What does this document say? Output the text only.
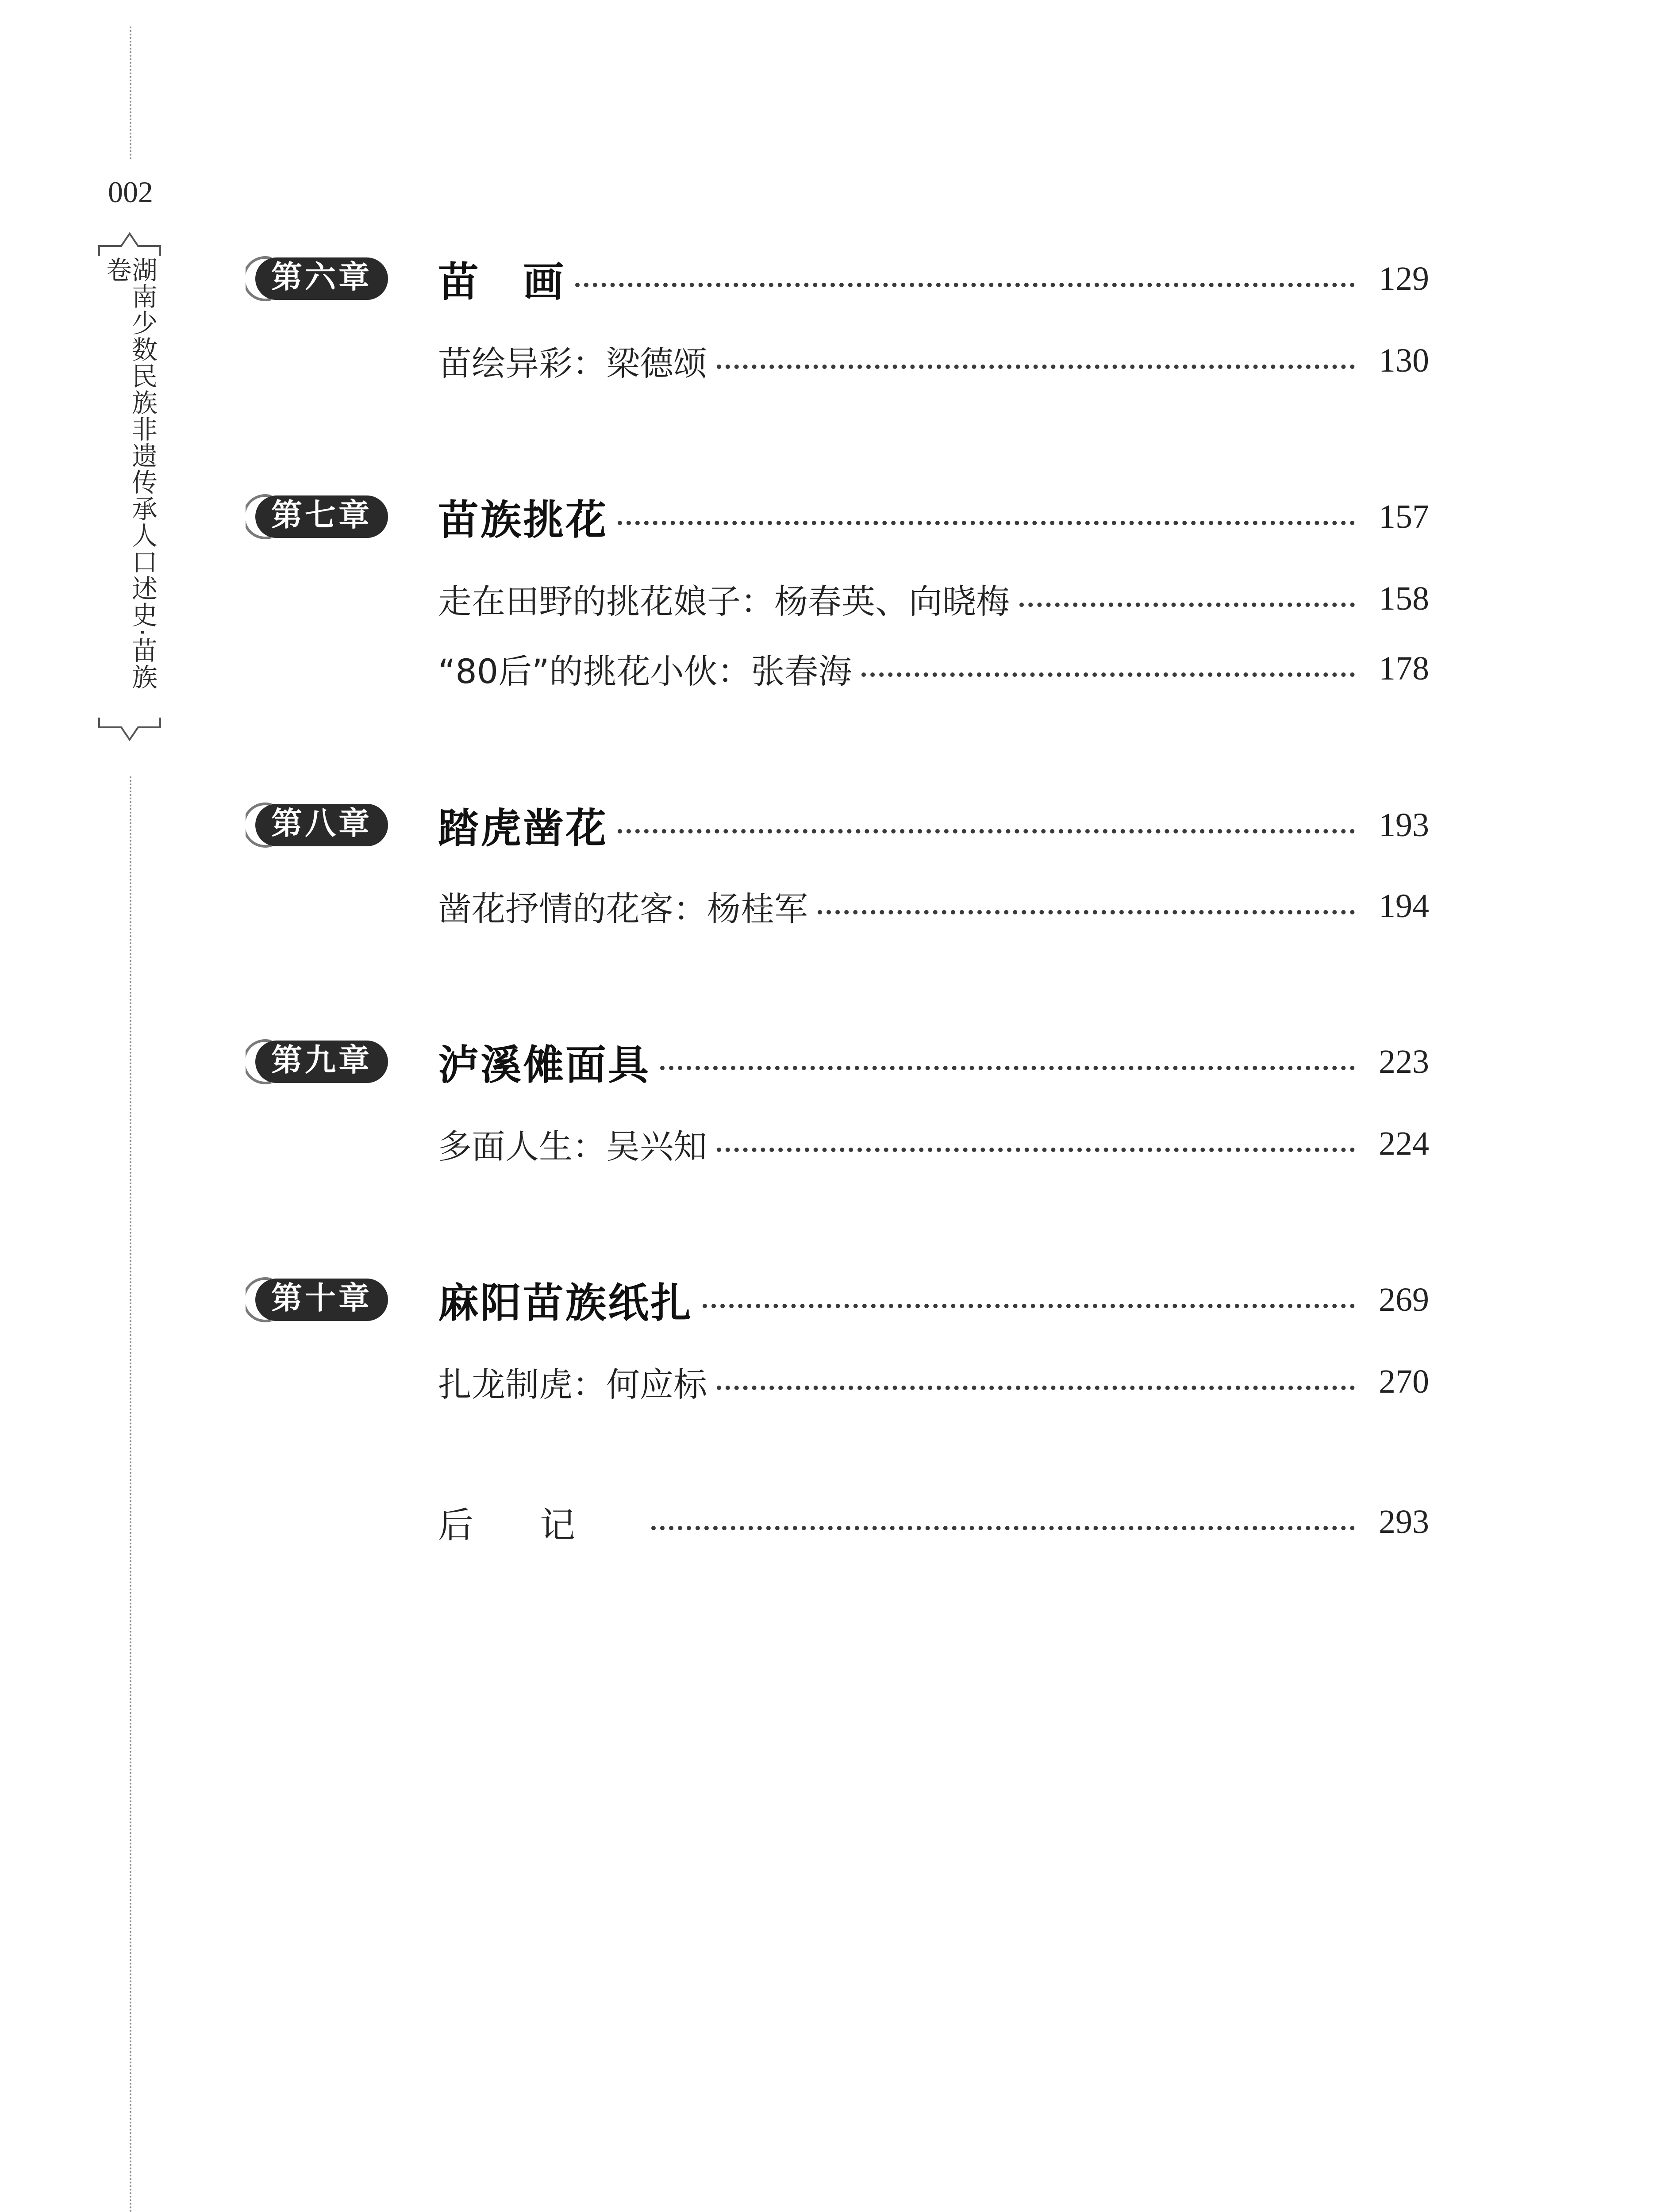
002
湖南少数民族非遗传承人口述史·苗族卷	第六章 苗　画	129
苗绘异彩：梁德颂	130
第七章 苗族挑花	157
走在田野的挑花娘子：杨春英、向晓梅	158
“80后”的挑花小伙：张春海	178
第八章 踏虎凿花	193
凿花抒情的花客：杨桂军	194
第九章 泸溪傩面具	223
多面人生：吴兴知	224
第十章 麻阳苗族纸扎	269
扎龙制虎：何应标	270
后记	293
